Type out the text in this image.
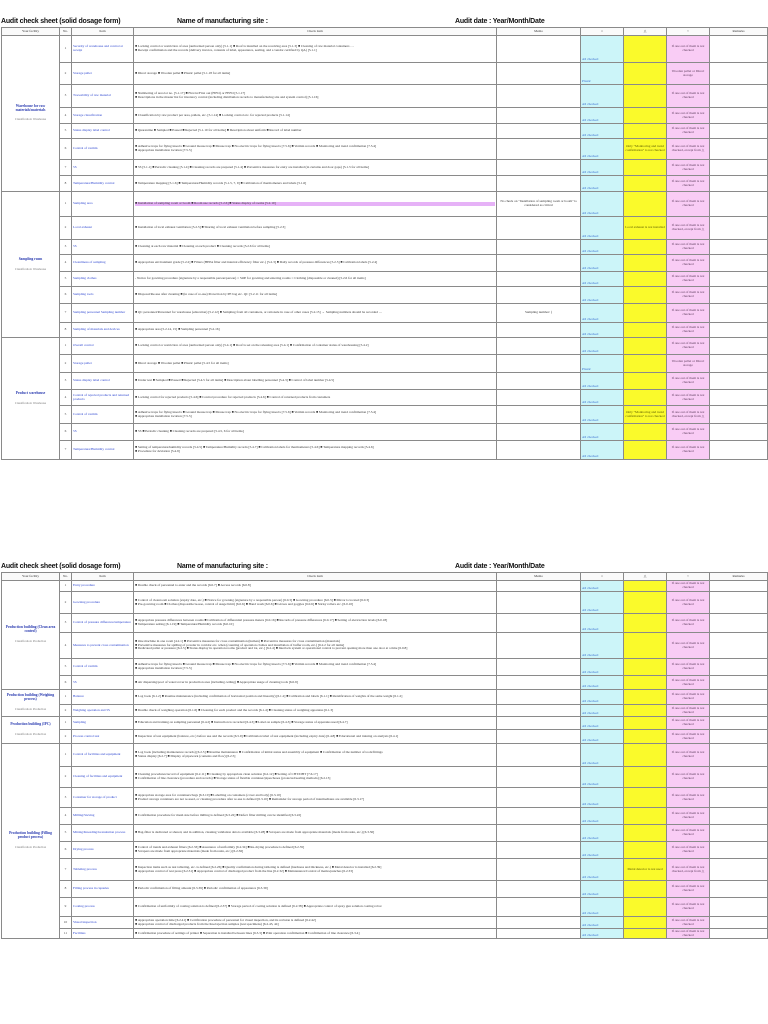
Audit check sheet (solid dosage form)	Name of manufacturing site :	Audit date : Year/Month/Date
Your facility	No.	Item	Check item	Memo	○	△	×	Remarks
Warehouse for raw materials/materials
Classification: Warehouse	1	Security of warehouse and control at receipt	■ Locking control or restriction of area (authorized person only) [5.1.1] ■ Roof is installed on the receiving area [5.1.3] ■ Cleaning of raw material containers …
■ Receipt confirmation and the records (delivery invoice, contents of label, appearance, sealing, and a vendor certified by QA) [5.1.1]		All checked		If one out of them is not checked	
	2	Storage pallet	■ Direct storage ■ Wooden pallet ■ Plastic pallet [5.1.18 for all items]		Plastic		Wooden pallet or Direct storage	
	3	Traceability of raw material	■ Numbering of area lot no. [5.1.17] ■ First in/First out (FIFO) or FEFO [5.1.17]
■ Descriptions in the master list for inventory control (including distribution records to manufacturing site and system control) [5.1.16]		All checked		If one out of them is not checked	
	4	Storage classification	■ Classification by raw product per area, pallets, etc. [5.1.14] ■ Locking control etc. for rejected products [5.1.14]		All checked		If one out of them is not checked	
	5	Status display label control	■ Quarantine ■ Sampled ■ Passed ■ Rejected [5.1.10 for all items] ■ Description about uniform ■ Record of label number		All checked		If one out of them is not checked	
	6	Control of vermin	■ Adhesive traps for flying insects ■ Ground mouse trap ■ Mouse trap ■ No electric traps for flying insects [7.5.6] ■ Vermin records ■ Monitoring and trend confirmation [7.5.4]
■ Appropriate installation location [7.5.5]		All checked	Only "Monitoring and trend confirmation" is not checked	If one out of them is not checked, except from △	
	7	5S	■ 5S [5.1.1] ■ Periodic cleaning [5.1.4] ■ Cleaning records are prepared [5.1.4] ■ Preventive measures for entry are installed (in curtains and door gaps) [5.1.3 for all items]		All checked		If one out of them is not checked	
	8	Temperature/Humidity control	■ Temperature mapping [5.1.6] ■ Temperature/Humidity records [5.1.5, 7, 9] ■ Calibration of thermometers and labels [5.1.6]		All checked		If one out of them is not checked	
Sampling room
Classification: Warehouse	1	Sampling area	■ Installation of sampling room or booth ■ Room use records [5.2.6] ■ Status display of rooms [5.2.10]	No check on "Installation of sampling room or booth" is considered as critical	All checked		If one out of them is not checked	
	2	Local exhaust	■ Installation of local exhaust ventilation [5.2.5] ■ Sharing of local exhaust ventilation before sampling [5.2.3]		All checked	Local exhaust is not installed	If one out of them is not checked, except from △	
	3	5S	■ Cleaning at each raw material ■ Cleaning at each product ■ Cleaning records [5.2.6 for all items]		All checked		If one out of them is not checked	
	4	Cleanliness of sampling	■ Appropriate environment grade [5.2.2] ■ Filters (HEPA filter and internal efficiency filter etc.) [5.2.3] ■ Daily records of pressure differences [5.2.5] ■ Calibration labels [5.2.4]		All checked		If one out of them is not checked	
	5	Sampling clothes	- Notice for gowning procedure (signature by a responsible person/person) ○ SOP for gowning and entering rooms ○ Clothing (disposable or cleaned) [5.2.6 for all items]		All checked		If one out of them is not checked	
	6	Sampling tools	■ Disposal/Re-use after cleaning ■ (in case of re-use) Protection by PE bag etc. QC [5.2.11 for all items]		All checked		If one out of them is not checked	
	7	Sampling personnel Sampling number	■ QC personnel/Personnel for warehouse (education) [5.2.12] ■ Sampling from all containers, or rationale in case of other cases [5.2.15] → Sampling numbers should be recorded …	Sampling number: (	All checked		If one out of them is not checked	
	8	Sampling of materials and devices	■ Appropriate area [5.2.14, 15] ■ Sampling personnel [5.2.16]		All checked		If one out of them is not checked	
Product warehouse
Classification: Warehouse	1	Overall control	■ Locking control or restriction of area (authorized person only) [5.4.1] ■ Roof is set on the releasing area [5.4.1] ■ Confirmation of container status of warehousing [5.4.2]		All checked		If one out of them is not checked	
	2	Storage pallet	■ Direct storage ■ Wooden pallet ■ Plastic pallet [5.4.5 for all items]		Plastic		Wooden pallet or Direct storage	
	3	Status display label control	■ Under test ■ Sampled ■ Passed ■ Rejected [5.4.5 for all items] ■ Description about labelling personnel [5.4.3] ■ Control of label number [5.4.5]		All checked		If one out of them is not checked	
	4	Control of rejected products and returned products	■ Locking control for rejected products [5.4.6] ■ Control procedure for rejected products [5.4.6] ■ Control of returned products from customers		All checked		If one out of them is not checked	
	5	Control of vermin	■ Adhesive traps for flying insects ■ Ground mouse trap ■ Mouse trap ■ No electric traps for flying insects [7.5.6] ■ Vermin records ■ Monitoring and trend confirmation [7.5.4]
■ Appropriate installation location [7.5.5]		All checked	Only "Monitoring and trend confirmation" is not checked	If one out of them is not checked, except from △	
	6	5S	■ 5S ■ Periodic cleaning ■ Cleaning records are prepared [5.4.5, 6 for all items]		All checked		If one out of them is not checked	
	7	Temperature/Humidity control	■ Setting of temperature/humidity records [5.4.5] ■ Temperature/Humidity records [5.4.7] ■ Calibration labels for thermometers [5.4.6] ■ Temperature mapping records [5.4.6]
■ Procedure for deviation [5.4.9]		All checked		If one out of them is not checked	
Audit check sheet (solid dosage form)	Name of manufacturing site :	Audit date : Year/Month/Date
Your facility	No.	Item	Check item	Memo	○	△	×	Remarks
Production building (Clean area control)
Classification: Production	1	Entry procedure	■ Double check of personnel to enter and the records [6.0.7] ■ Access records [6.0.8]		All checked		If one out of them is not checked	
	2	Gowning procedure	■ Control of cleanroom solution (expiry date, etc.) ■ Notice for gowning (signature by a responsible person) [6.0.3] ■ Gowning procedure [6.0.3] ■ Mirror is located [6.0.3]
■ Pre-gowning room ■ Clothes (disposable/re-use, control of usage limit) [6.0.6] ■ Hand wash [6.0.6] ■ Gloves and goggles [6.0.6] ■ Sticky rollers etc. [6.0.10]		All checked		If one out of them is not checked	
	3	Control of pressure difference/temperature	■ Appropriate pressure differences between rooms ■ Calibration of differential pressure meters [6.0.16] ■ Records of pressure differences [6.0.17] ■ Setting of alert/action levels [6.0.18]
■ Temperature setting [6.1.19] ■ Temperature/Humidity records [6.0.10]		All checked		If one out of them is not checked	
	4	Measures to prevent cross contamination	■ One machine in one room [4.2.1] ■ Preventive measures for cross contamination (human) ■ Preventive measures for cross contamination (materials)
■ Preventive measures for spilling of powder in corridor etc. when (counting of operation clothes and installation of buffer room, etc.) [6.2.2 for all items]
■ Dedicated pallet or pressure [6.2.5] ■ Status display in operation rooms [product and lot, etc.] [6.2.4] ■ Interlock system or operational control to prevent opening more than one door at a time [6.0.8]		All checked		If one out of them is not checked	
	5	Control of vermin	■ Adhesive traps for flying insects ■ Ground mouse trap ■ Mouse trap ■ No electric traps for flying insects [7.5.6] ■ Vermin records ■ Monitoring and trend confirmation [7.5.4]
■ Appropriate installation location [7.5.5]		All checked		If one out of them is not checked	
	6	5S	■ Air dispersing/pool of water/cover in production area (including ceiling) ■ Appropriate usage of cleaning tools [6.0.9]		All checked		If one out of them is not checked	
Production building (Weighing process)
Classification: Production	1	Balance	■ Log book [6.1.2] ■ Routine maintenance (including confirmation of horizontal position and linearity) [6.1.2] ■ Calibration and labels [6.1.1] ■ Identification of weights of the same weight [6.1.2]		All checked		If one out of them is not checked	
	2	Weighing operation and 5S	■ Double check of weighing operation [6.1.6] ■ Cleaning for each product and the records [6.1.4] ■ Cleaning status of weighing apparatus [6.1.3]		All checked		If one out of them is not checked	
Production building (IPC)
Classification: Production	1	Sampling	■ Education and training on sampling personnel [6.4.2] ■ Instruction is recorded [6.4.3] ■ Label on sample [6.4.3] ■ Storage status of apparatus used [6.4.7]		All checked		If one out of them is not checked	
	2	Process control test	■ Inspection of test equipment (balance, etc.) before use and the records [6.5.9] ■ Calibration label of test equipment (including expiry date) [6.4.8] ■ Educational and training on analysis [6.4.1]		All checked		If one out of them is not checked	
Production building (Filling product process)
Classification: Production	1	Control of facilities and equipment	■ Log book (including maintenance records) [6.2.5] ■ Routine maintenance ■ Confirmation of initial status and assembly of equipment ■ Confirmation of the number of tools/fittings
■ Status display [6.2.7] ■ Display of pipework (contents and flow) [6.2.5]		All checked		If one out of them is not checked	
	2	Cleaning of facilities and equipment	■ Cleaning procedures/record of equipment [6.2.11] ■ Cleaning by appropriate clean solution [6.2.12] ■ Setting of CHT/DHT [7.6.17]
■ Confirmation of line clearance (procedure and records) ■ Storage status of flexible container/pipes/hoses (protected/sealing methods) [6.2.13]		All checked		If one out of them is not checked	
	3	Container for storage of product	■ Appropriate storage area for containers/bags [6.3.10] ■ Labelling on containers (cover and body) [6.3.10]
■ Product storage containers are not re-used, or cleaning procedure after re-use is defined [6.3.10] ■ Remainder for storage period of intermediates are available [6.3.17]		All checked		If one out of them is not checked	
	4	Milling/Sieving	■ Confirmation procedure for mesh size before milling is defined [6.3.22] ■ Defect filter milling can be identified [6.3.22]		All checked		If one out of them is not checked	
	5	Mixing/Kneading/Granulation process	■ Bag-filter is dedicated or shared, and in addition, cleaning validation data is available [6.3.28] ■ Scrapers are made from appropriate materials (made from resin, etc.) [6.3.30]		All checked		If one out of them is not checked	
	6	Drying process	■ Control of trends and exhaust filters [6.2.33] ■ Assurance of uniformity [6.2.34] ■ Re-drying procedure is defined [6.2.35]
■ Scrapers are made from appropriate materials (made from resin, etc.) [6.2.36]		All checked		If one out of them is not checked	
	7	Tableting process	■ Inspection items such as test tableting, etc. is defined [6.2.26] ■ Quality confirmation during tableting is defined (hardness and thickness, etc.) ■ Metal detector is installed [6.2.39]
■ Appropriate control of test press [6.2.31] ■ Appropriate control of discharged product from the line [6.2.32] ■ Maintenance/Control of memo/punches [6.2.33]		All checked	Metal detector is not used	If one out of them is not checked, except from △	
	8	Filling process in capsules	■ Periodic confirmation of filling amount [6.3.39] ■ Periodic confirmation of appearance [6.3.39]		All checked		If one out of them is not checked	
	9	Coating process	■ Confirmation of uniformity of coating solution is defined [6.2.37] ■ Storage period of coating solution is defined [6.2.38] ■ Appropriate control of spray gun solution coating robot		All checked		If one out of them is not checked	
	10	Visual inspection	■ Appropriate operation time [6.2.41] ■ Certification procedure of personnel for visual inspection, and its revision is defined [6.2.42]
■ Appropriate control of discharged products from the line/rejection samples (test specimens) [6.2.43, 44]		All checked		If one out of them is not checked	
	11	Facilities	■ Confirmation procedure of settings of printer ■ Separation is installed between lines [6.3.3] ■ Print operation confirmation ■ Confirmation of line clearance [6.3.4]		All checked		If one out of them is not checked	
